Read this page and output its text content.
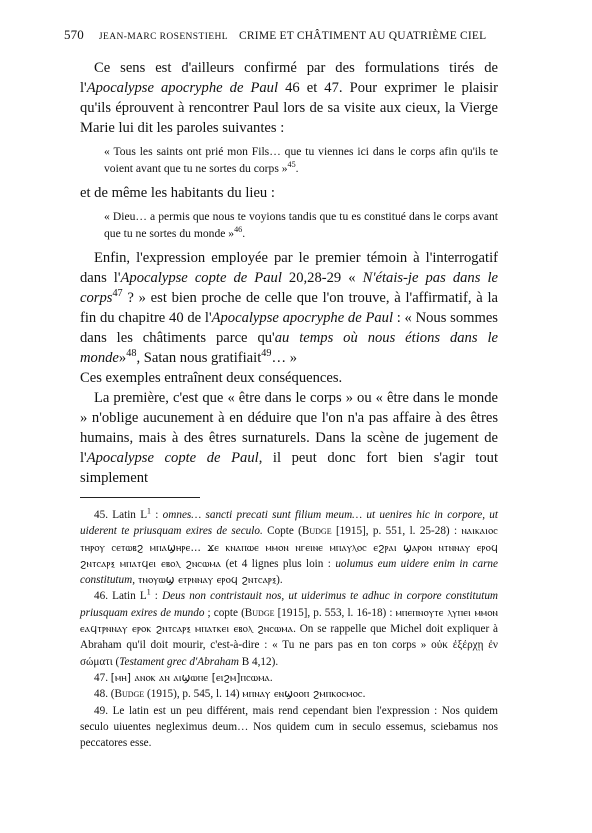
570 JEAN-MARC ROSENSTIEHL CRIME ET CHÂTIMENT AU QUATRIÈME CIEL

Ce sens est d'ailleurs confirmé par des formulations tirés de l'Apocalypse apocryphe de Paul 46 et 47. Pour exprimer le plaisir qu'ils éprouvent à rencontrer Paul lors de sa visite aux cieux, la Vierge Marie lui dit les paroles suivantes :

« Tous les saints ont prié mon Fils… que tu viennes ici dans le corps afin qu'ils te voient avant que tu ne sortes du corps »$^{45}$.

et de même les habitants du lieu :

« Dieu… a permis que nous te voyions tandis que tu es constitué dans le corps avant que tu ne sortes du monde »$^{46}$.

Enfin, l'expression employée par le premier témoin à l'interrogatif dans l'Apocalypse copte de Paul 20,28-29 « N'étais-je pas dans le corps$^{47}$ ? » est bien proche de celle que l'on trouve, à l'affirmatif, à la fin du chapitre 40 de l'Apocalypse apocryphe de Paul : « Nous sommes dans les châtiments parce qu'au temps où nous étions dans le monde»$^{48}$, Satan nous gratifiait$^{49}$… »

Ces exemples entraînent deux conséquences.

La première, c'est que « être dans le corps » ou « être dans le monde » n'oblige aucunement à en déduire que l'on n'a pas affaire à des êtres humains, mais à des êtres surnaturels. Dans la scène de jugement de l'Apocalypse copte de Paul, il peut donc fort bien s'agir tout simplement

45. Latin $L^1$ : omnes… sancti precati sunt filium meum… ut uenires hic in corpore, ut uiderent te priusquam exires de seculo. Copte (Budge [1915], p. 551, l. 25-28) : ⲛⲁⲓⲕⲁⲓⲟⲥ ⲧⲏⲣⲟⲩ ⲥⲉⲧⲱⲃϩ ⲙⲡⲁϣⲏⲣⲉ… ϫⲉ ⲕⲛⲁⲡⲱⲉ ⲙⲙⲟⲛ ⲛⲅⲉⲓⲛⲉ ⲙⲡⲁⲩⲗⲟⲥ ⲉϩⲣⲁⲓ ϣⲁⲣⲟⲛ ⲛⲧⲛⲛⲁⲩ ⲉⲣⲟϥ ϩⲛⲧⲥⲁⲣⲝ ⲙⲡⲁⲧϥⲉⲓ ⲉⲃⲟⲗ ϩⲛⲥⲱⲙⲁ (et 4 lignes plus loin : uolumus eum uidere enim in carne constitutum, ⲧⲛⲟⲩⲱϣ ⲉⲧⲣⲛⲛⲁⲩ ⲉⲣⲟϥ ϩⲛⲧⲥⲁⲣⲝ).

46. Latin $L^1$ : Deus non contristauit nos, ut uiderimus te adhuc in corpore constitutum priusquam exires de mundo ; copte (Budge [1915], p. 553, l. 16-18) : ⲙⲡⲉⲡⲛⲟⲩⲧⲉ ⲗⲩⲡⲉⲓ ⲙⲙⲟⲛ ⲉⲁϥⲧⲣⲛⲛⲁⲩ ⲉⲣⲟⲕ ϩⲛⲧⲥⲁⲣⲝ ⲙⲡⲁⲧⲕⲉⲓ ⲉⲃⲟⲗ ϩⲛⲥⲱⲙⲁ. On se rappelle que Michel doit expliquer à Abraham qu'il doit mourir, c'est-à-dire : « Tu ne pars pas en ton corps » οὐκ ἐξέρχῃ ἐν σώματι (Testament grec d'Abraham B 4,12).

47. [ⲙⲏ] ⲁⲛⲟⲕ ⲁⲛ ⲁⲓϣⲱⲡⲉ [ⲉⲓϩⲙ]ⲡⲥⲱⲙⲁ.

48. (Budge (1915), p. 545, l. 14) ⲙⲡⲛⲁⲩ ⲉⲛϣⲟⲟⲡ ϩⲙⲡⲕⲟⲥⲙⲟⲥ.

49. Le latin est un peu différent, mais rend cependant bien l'expression : Nos quidem seculo uiuentes negleximus deum… Nos quidem cum in seculo essemus, sciebamus nos peccatores esse.
